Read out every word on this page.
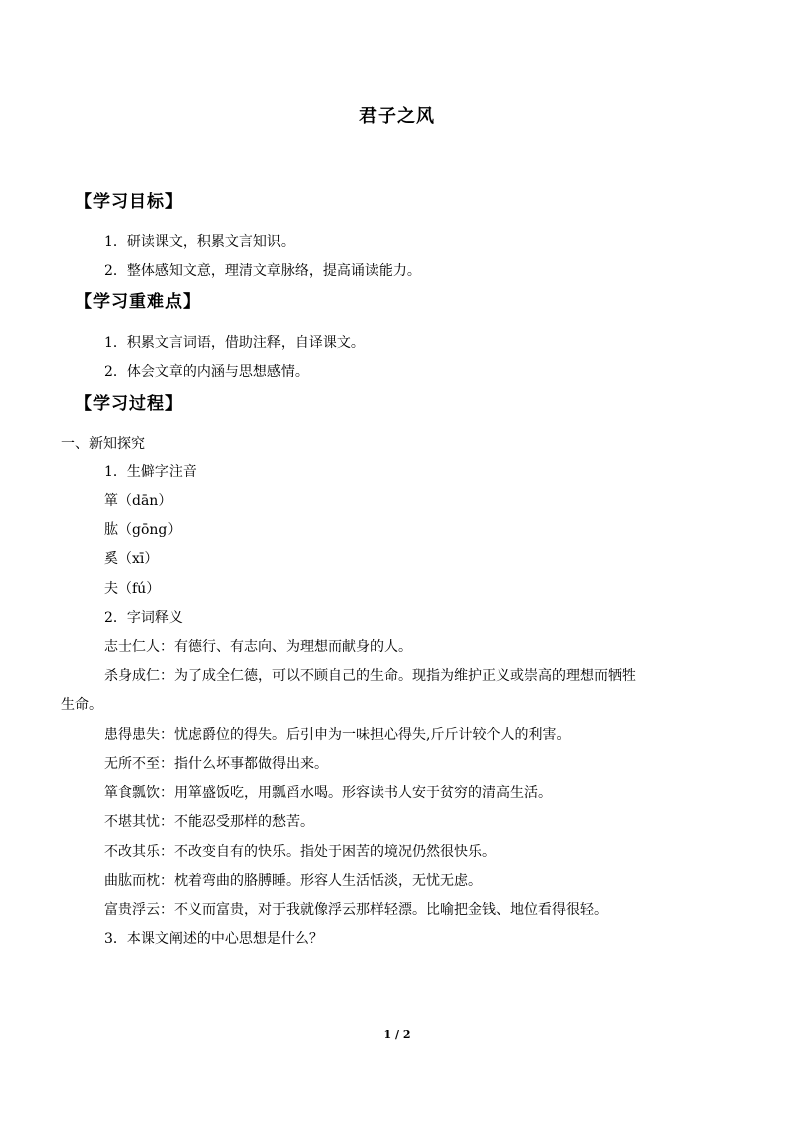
君子之风
【学习目标】
1．研读课文，积累文言知识。
2．整体感知文意，理清文章脉络，提高诵读能力。
【学习重难点】
1．积累文言词语，借助注释，自译课文。
2．体会文章的内涵与思想感情。
【学习过程】
一、新知探究
1．生僻字注音
箪（dān）
肱（gōng）
奚（xī）
夫（fú）
2．字词释义
志士仁人：有德行、有志向、为理想而献身的人。
杀身成仁：为了成全仁德，可以不顾自己的生命。现指为维护正义或崇高的理想而牺牲
生命。
患得患失：忧虑爵位的得失。后引申为一味担心得失,斤斤计较个人的利害。
无所不至：指什么坏事都做得出来。
箪食瓢饮：用箪盛饭吃，用瓢舀水喝。形容读书人安于贫穷的清高生活。
不堪其忧：不能忍受那样的愁苦。
不改其乐：不改变自有的快乐。指处于困苦的境况仍然很快乐。
曲肱而枕：枕着弯曲的胳膊睡。形容人生活恬淡，无忧无虑。
富贵浮云：不义而富贵，对于我就像浮云那样轻漂。比喻把金钱、地位看得很轻。
3．本课文阐述的中心思想是什么？
1 / 2
